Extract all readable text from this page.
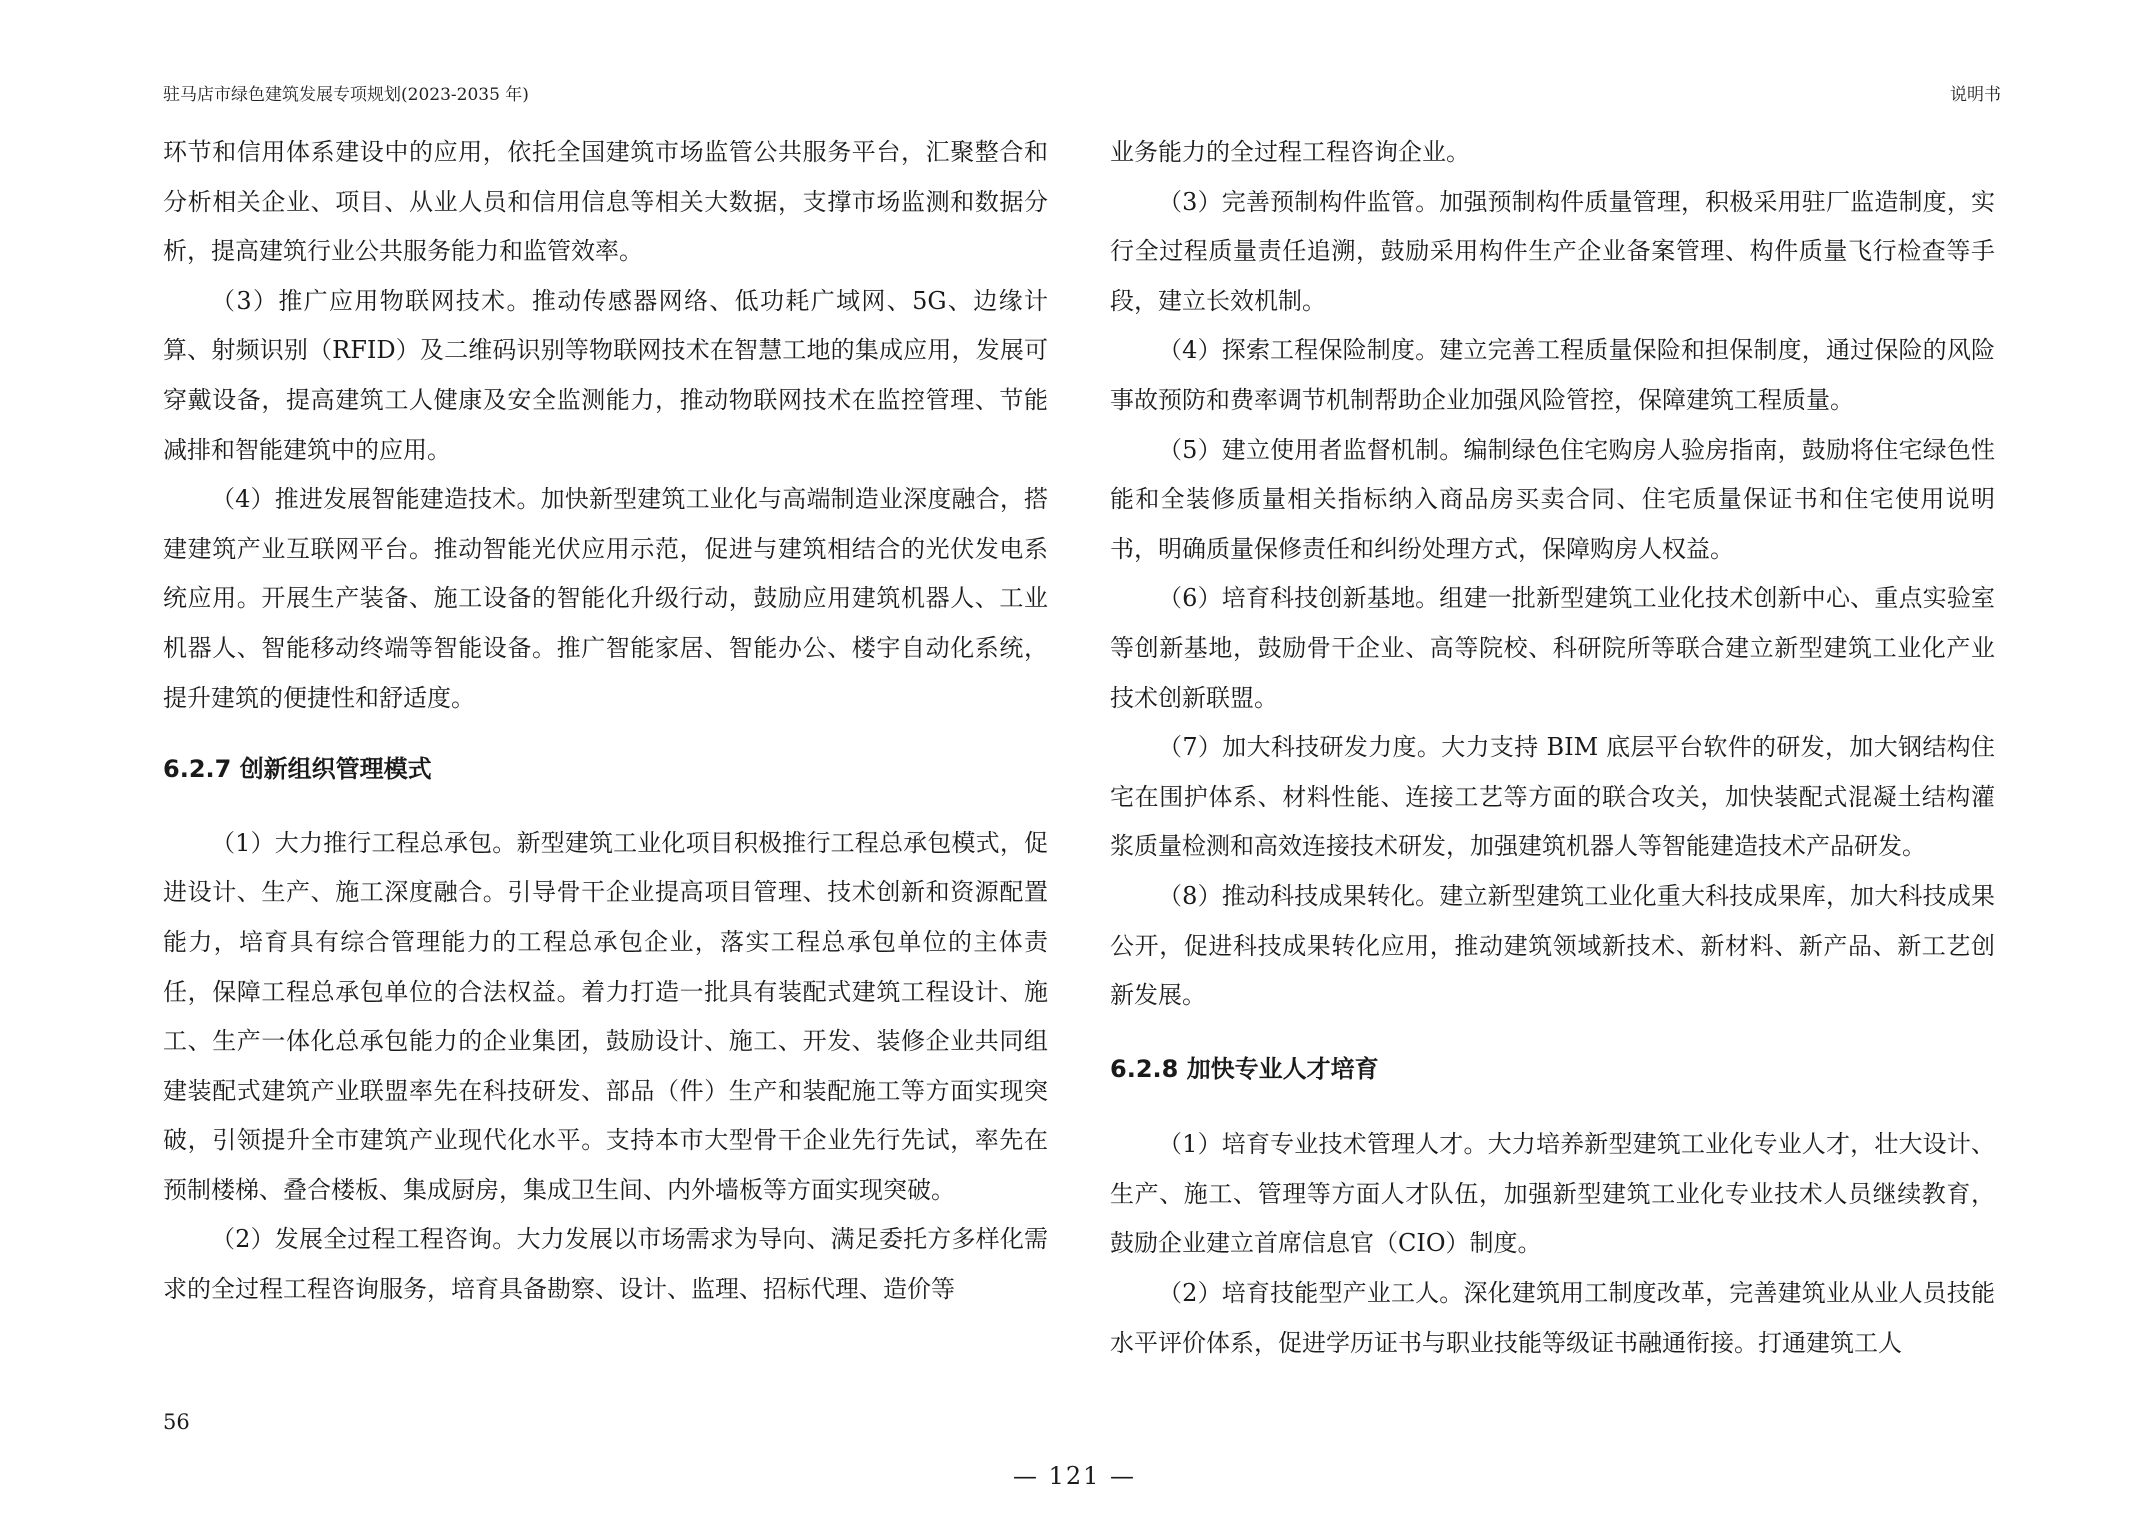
驻马店市绿色建筑发展专项规划(2023-2035 年)	说明书

环节和信用体系建设中的应用，依托全国建筑市场监管公共服务平台，汇聚整合和分析相关企业、项目、从业人员和信用信息等相关大数据，支撑市场监测和数据分析，提高建筑行业公共服务能力和监管效率。

（3）推广应用物联网技术。推动传感器网络、低功耗广域网、5G、边缘计算、射频识别（RFID）及二维码识别等物联网技术在智慧工地的集成应用，发展可穿戴设备，提高建筑工人健康及安全监测能力，推动物联网技术在监控管理、节能减排和智能建筑中的应用。

（4）推进发展智能建造技术。加快新型建筑工业化与高端制造业深度融合，搭建建筑产业互联网平台。推动智能光伏应用示范，促进与建筑相结合的光伏发电系统应用。开展生产装备、施工设备的智能化升级行动，鼓励应用建筑机器人、工业机器人、智能移动终端等智能设备。推广智能家居、智能办公、楼宇自动化系统，提升建筑的便捷性和舒适度。

6.2.7 创新组织管理模式

（1）大力推行工程总承包。新型建筑工业化项目积极推行工程总承包模式，促进设计、生产、施工深度融合。引导骨干企业提高项目管理、技术创新和资源配置能力，培育具有综合管理能力的工程总承包企业，落实工程总承包单位的主体责任，保障工程总承包单位的合法权益。着力打造一批具有装配式建筑工程设计、施工、生产一体化总承包能力的企业集团，鼓励设计、施工、开发、装修企业共同组建装配式建筑产业联盟率先在科技研发、部品（件）生产和装配施工等方面实现突破，引领提升全市建筑产业现代化水平。支持本市大型骨干企业先行先试，率先在预制楼梯、叠合楼板、集成厨房，集成卫生间、内外墙板等方面实现突破。

（2）发展全过程工程咨询。大力发展以市场需求为导向、满足委托方多样化需求的全过程工程咨询服务，培育具备勘察、设计、监理、招标代理、造价等

业务能力的全过程工程咨询企业。

（3）完善预制构件监管。加强预制构件质量管理，积极采用驻厂监造制度，实行全过程质量责任追溯，鼓励采用构件生产企业备案管理、构件质量飞行检查等手段，建立长效机制。

（4）探索工程保险制度。建立完善工程质量保险和担保制度，通过保险的风险事故预防和费率调节机制帮助企业加强风险管控，保障建筑工程质量。

（5）建立使用者监督机制。编制绿色住宅购房人验房指南，鼓励将住宅绿色性能和全装修质量相关指标纳入商品房买卖合同、住宅质量保证书和住宅使用说明书，明确质量保修责任和纠纷处理方式，保障购房人权益。

（6）培育科技创新基地。组建一批新型建筑工业化技术创新中心、重点实验室等创新基地，鼓励骨干企业、高等院校、科研院所等联合建立新型建筑工业化产业技术创新联盟。

（7）加大科技研发力度。大力支持 BIM 底层平台软件的研发，加大钢结构住宅在围护体系、材料性能、连接工艺等方面的联合攻关，加快装配式混凝土结构灌浆质量检测和高效连接技术研发，加强建筑机器人等智能建造技术产品研发。

（8）推动科技成果转化。建立新型建筑工业化重大科技成果库，加大科技成果公开，促进科技成果转化应用，推动建筑领域新技术、新材料、新产品、新工艺创新发展。

6.2.8 加快专业人才培育

（1）培育专业技术管理人才。大力培养新型建筑工业化专业人才，壮大设计、生产、施工、管理等方面人才队伍，加强新型建筑工业化专业技术人员继续教育，鼓励企业建立首席信息官（CIO）制度。

（2）培育技能型产业工人。深化建筑用工制度改革，完善建筑业从业人员技能水平评价体系，促进学历证书与职业技能等级证书融通衔接。打通建筑工人

56
— 121 —
